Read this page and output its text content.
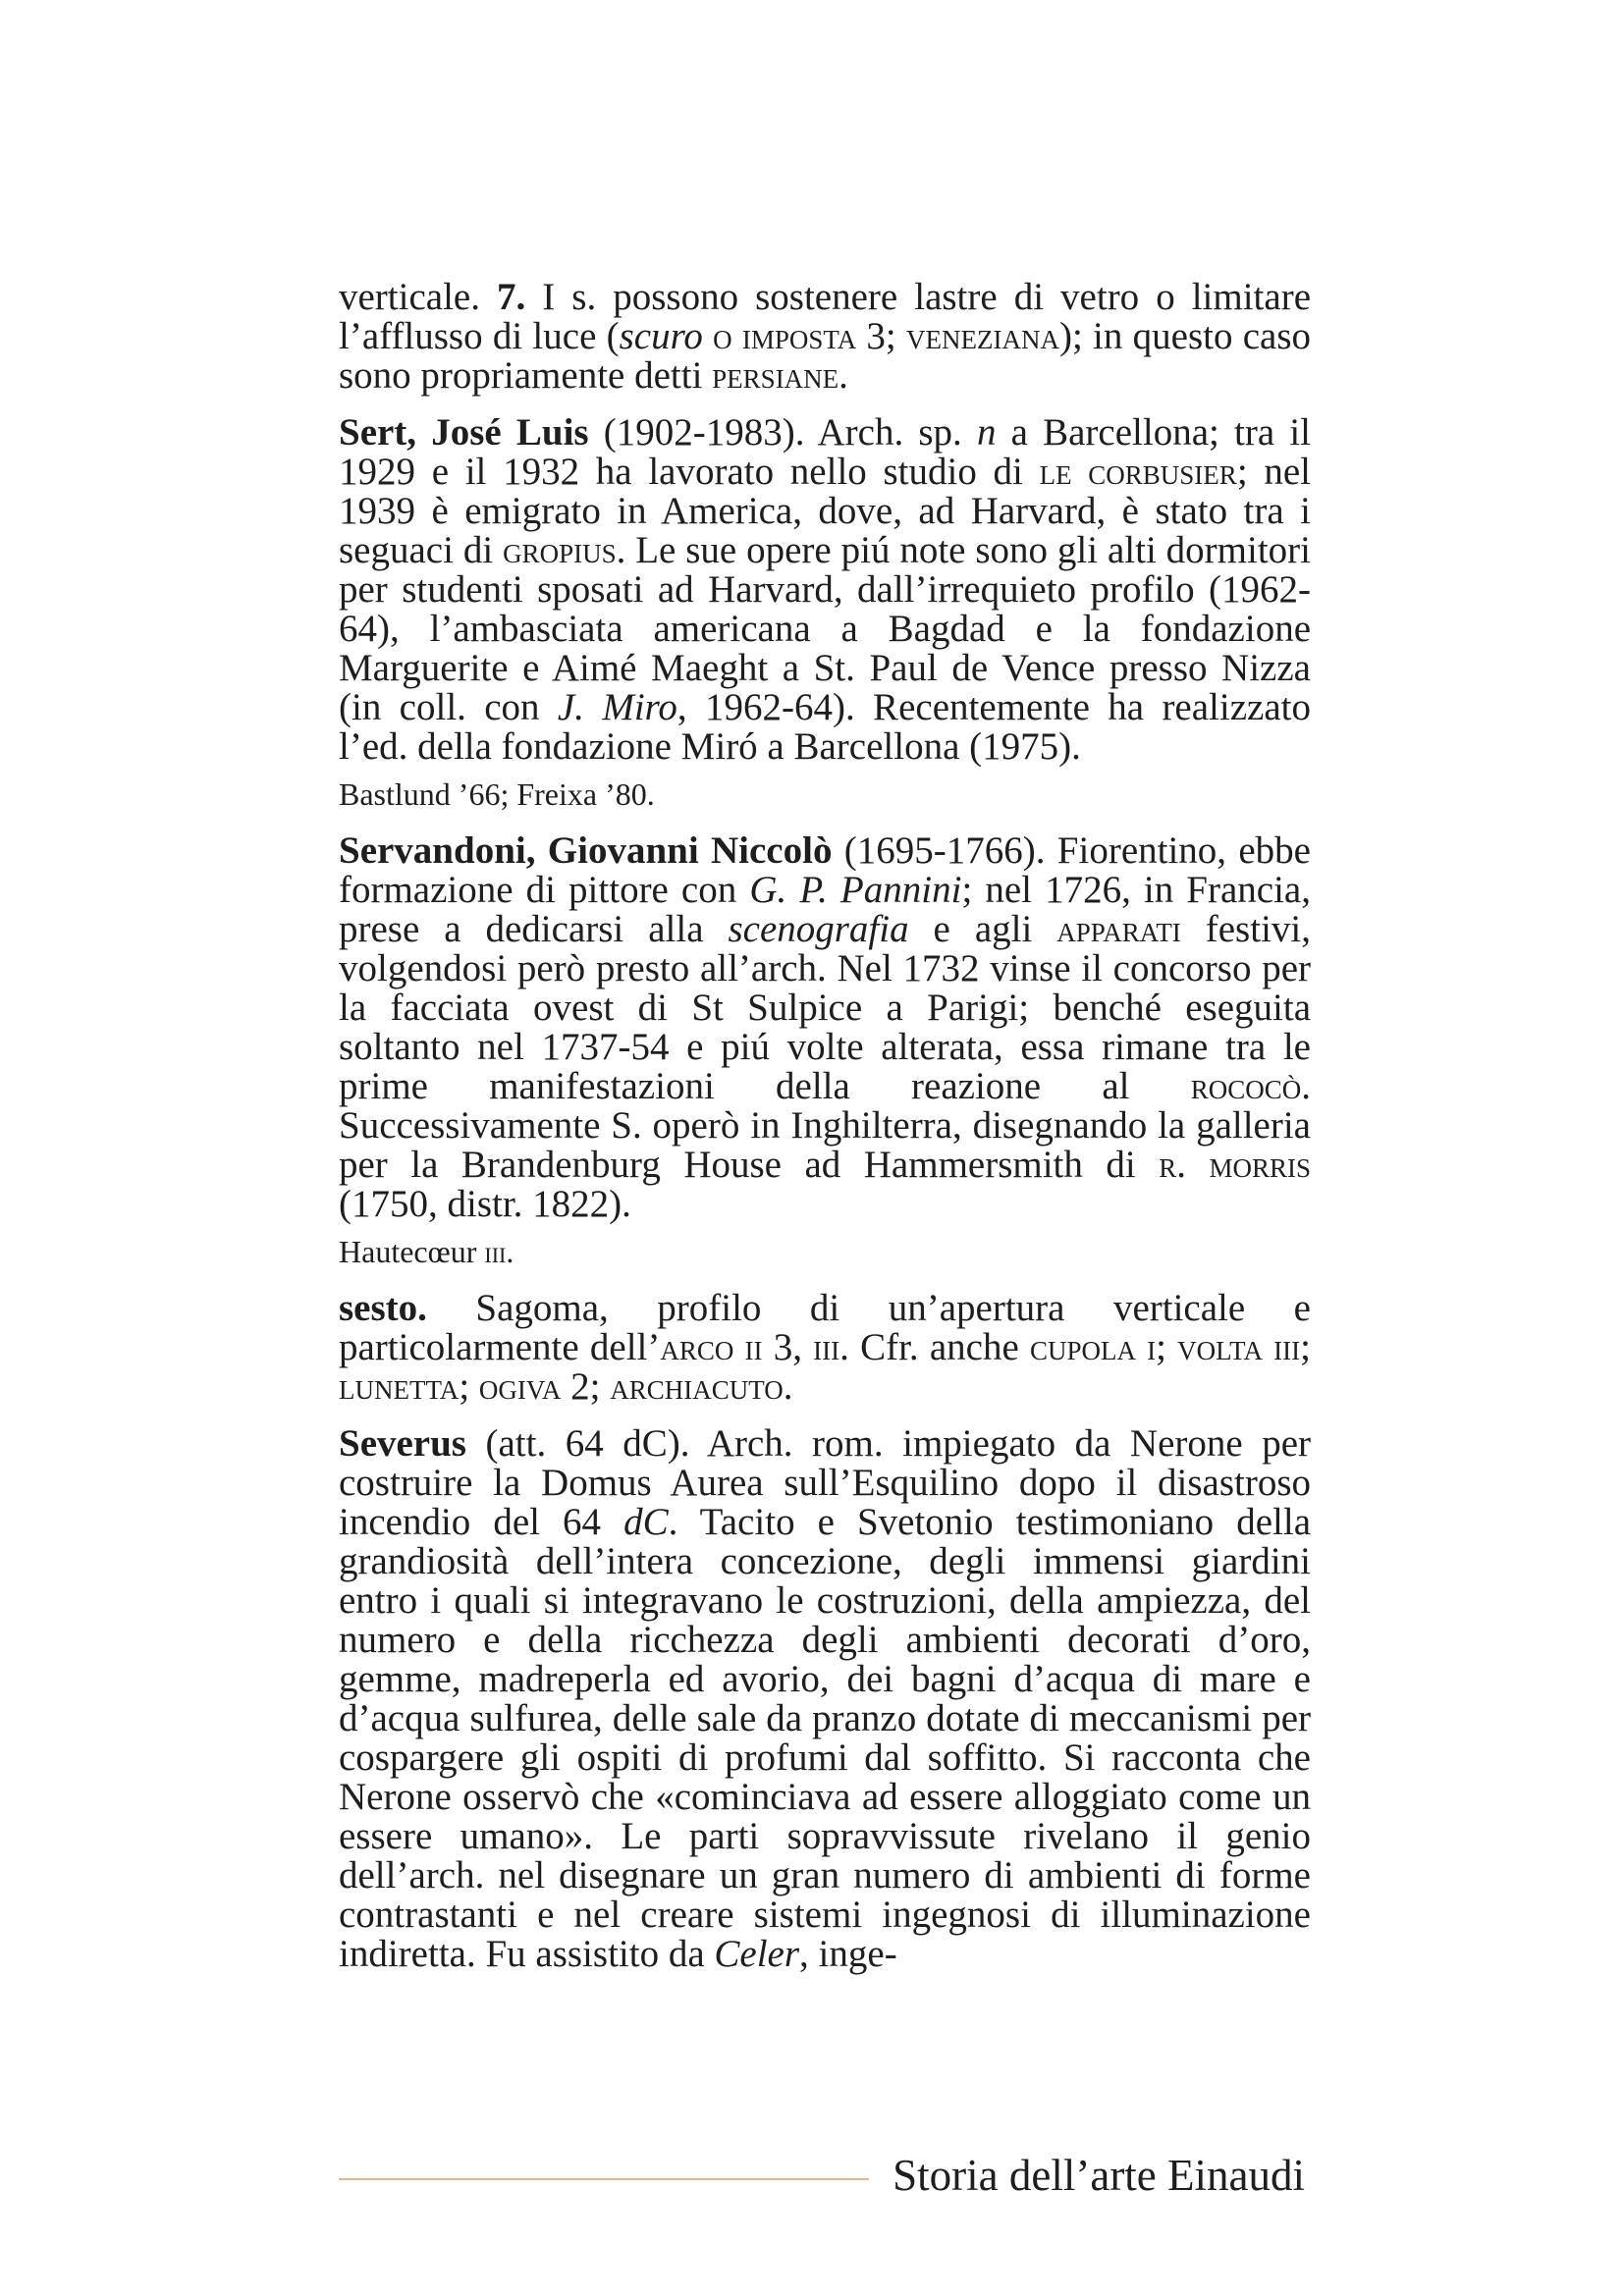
verticale. 7. I s. possono sostenere lastre di vetro o limitare l’afflusso di luce (scuro o imposta 3; veneziana); in questo caso sono propriamente detti persiane.

Sert, José Luis (1902-1983). Arch. sp. n a Barcellona; tra il 1929 e il 1932 ha lavorato nello studio di le corbusier; nel 1939 è emigrato in America, dove, ad Harvard, è stato tra i seguaci di gropius. Le sue opere piú note sono gli alti dormitori per studenti sposati ad Harvard, dall’irrequieto profilo (1962-64), l’ambasciata americana a Bagdad e la fondazione Marguerite e Aimé Maeght a St. Paul de Vence presso Nizza (in coll. con J. Miro, 1962-64). Recentemente ha realizzato l’ed. della fondazione Miró a Barcellona (1975).

Bastlund ’66; Freixa ’80.

Servandoni, Giovanni Niccolò (1695-1766). Fiorentino, ebbe formazione di pittore con G. P. Pannini; nel 1726, in Francia, prese a dedicarsi alla scenografia e agli apparati festivi, volgendosi però presto all’arch. Nel 1732 vinse il concorso per la facciata ovest di St Sulpice a Parigi; benché eseguita soltanto nel 1737-54 e piú volte alterata, essa rimane tra le prime manifestazioni della reazione al rococò. Successivamente S. operò in Inghilterra, disegnando la galleria per la Brandenburg House ad Hammersmith di r. morris (1750, distr. 1822).

Hautecœur iii.

sesto. Sagoma, profilo di un’apertura verticale e particolarmente dell’arco ii 3, iii. Cfr. anche cupola i; volta iii; lunetta; ogiva 2; archiacuto.

Severus (att. 64 dC). Arch. rom. impiegato da Nerone per costruire la Domus Aurea sull’Esquilino dopo il disastroso incendio del 64 dC. Tacito e Svetonio testimoniano della grandiosità dell’intera concezione, degli immensi giardini entro i quali si integravano le costruzioni, della ampiezza, del numero e della ricchezza degli ambienti decorati d’oro, gemme, madreperla ed avorio, dei bagni d’acqua di mare e d’acqua sulfurea, delle sale da pranzo dotate di meccanismi per cospargere gli ospiti di profumi dal soffitto. Si racconta che Nerone osservò che «cominciava ad essere alloggiato come un essere umano». Le parti sopravvissute rivelano il genio dell’arch. nel disegnare un gran numero di ambienti di forme contrastanti e nel creare sistemi ingegnosi di illuminazione indiretta. Fu assistito da Celer, inge-

Storia dell’arte Einaudi
